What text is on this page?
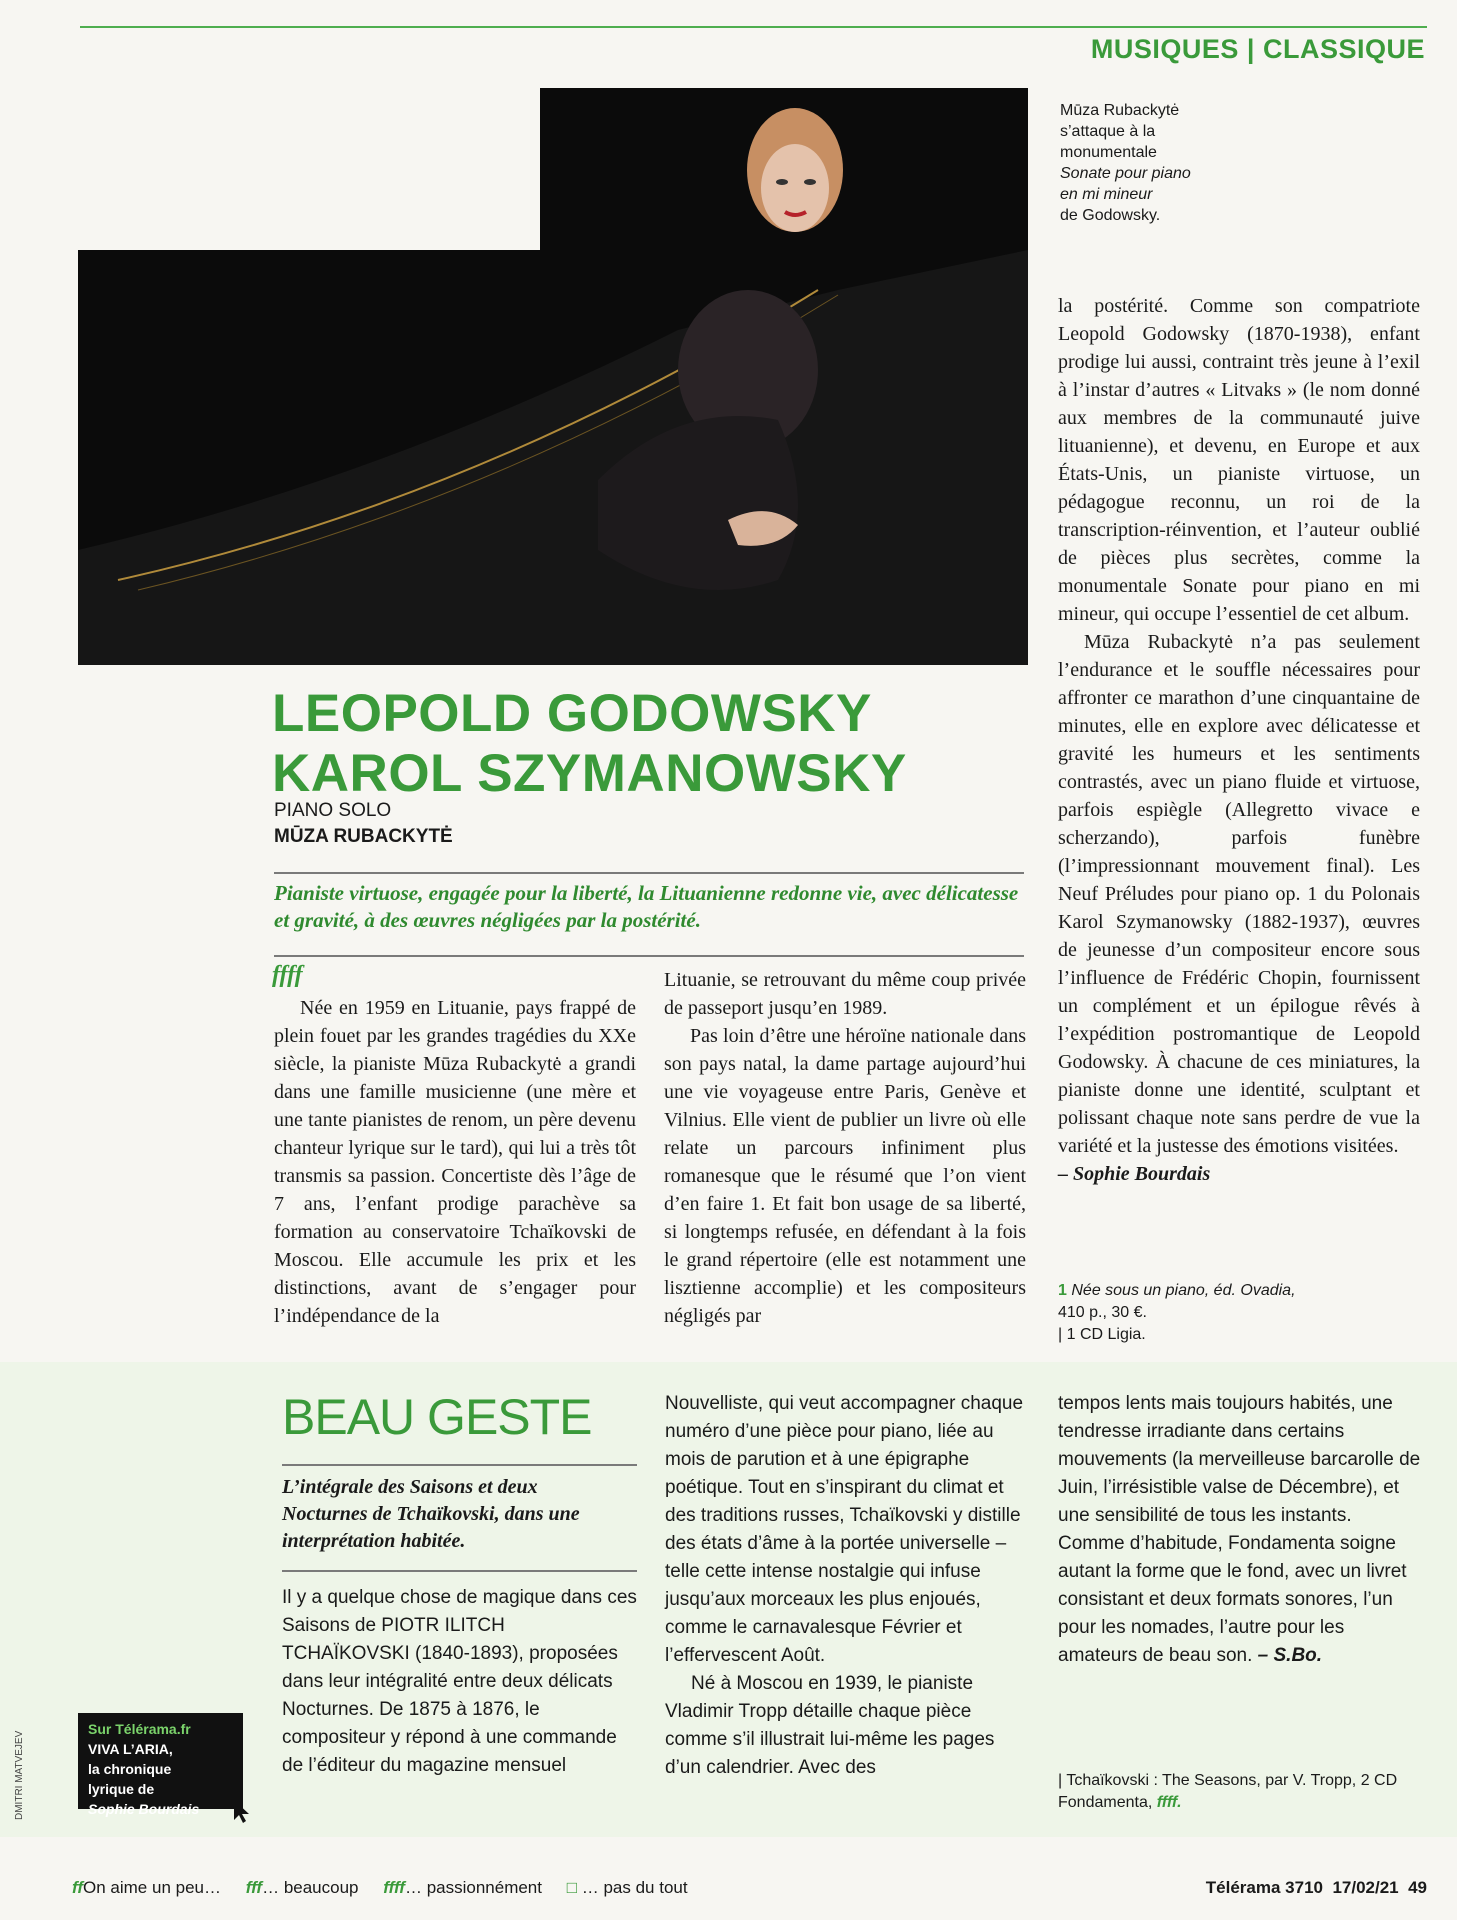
MUSIQUES | CLASSIQUE
Mūza Rubackytė
s’attaque à la
monumentale
Sonate pour piano
en mi mineur
de Godowsky.
LEOPOLD GODOWSKY
KAROL SZYMANOWSKY
PIANO SOLO
MŪZA RUBACKYTĖ
Pianiste virtuose, engagée pour la liberté, la Lituanienne redonne vie, avec délicatesse et gravité, à des œuvres négligées par la postérité.
ffff

Née en 1959 en Lituanie, pays frappé de plein fouet par les grandes tragédies du XXe siècle, la pianiste Mūza Rubackytė a grandi dans une famille musicienne (une mère et une tante pianistes de renom, un père devenu chanteur lyrique sur le tard), qui lui a très tôt transmis sa passion. Concertiste dès l’âge de 7 ans, l’enfant prodige parachève sa formation au conservatoire Tchaïkovski de Moscou. Elle accumule les prix et les distinctions, avant de s’engager pour l’indépendance de la

Lituanie, se retrouvant du même coup privée de passeport jusqu’en 1989.

Pas loin d’être une héroïne nationale dans son pays natal, la dame partage aujourd’hui une vie voyageuse entre Paris, Genève et Vilnius. Elle vient de publier un livre où elle relate un parcours infiniment plus romanesque que le résumé que l’on vient d’en faire 1. Et fait bon usage de sa liberté, si longtemps refusée, en défendant à la fois le grand répertoire (elle est notamment une lisztienne accomplie) et les compositeurs négligés par

la postérité. Comme son compatriote Leopold Godowsky (1870-1938), enfant prodige lui aussi, contraint très jeune à l’exil à l’instar d’autres « Litvaks » (le nom donné aux membres de la communauté juive lituanienne), et devenu, en Europe et aux États-Unis, un pianiste virtuose, un pédagogue reconnu, un roi de la transcription-réinvention, et l’auteur oublié de pièces plus secrètes, comme la monumentale Sonate pour piano en mi mineur, qui occupe l’essentiel de cet album.

Mūza Rubackytė n’a pas seulement l’endurance et le souffle nécessaires pour affronter ce marathon d’une cinquantaine de minutes, elle en explore avec délicatesse et gravité les humeurs et les sentiments contrastés, avec un piano fluide et virtuose, parfois espiègle (Allegretto vivace e scherzando), parfois funèbre (l’impressionnant mouvement final). Les Neuf Préludes pour piano op. 1 du Polonais Karol Szymanowsky (1882-1937), œuvres de jeunesse d’un compositeur encore sous l’influence de Frédéric Chopin, fournissent un complément et un épilogue rêvés à l’expédition postromantique de Leopold Godowsky. À chacune de ces miniatures, la pianiste donne une identité, sculptant et polissant chaque note sans perdre de vue la variété et la justesse des émotions visitées.

– Sophie Bourdais

1 Née sous un piano, éd. Ovadia,
410 p., 30 €.
| 1 CD Ligia.
BEAU GESTE
L’intégrale des Saisons et deux Nocturnes de Tchaïkovski, dans une interprétation habitée.

Il y a quelque chose de magique dans ces Saisons de PIOTR ILITCH TCHAÏKOVSKI (1840-1893), proposées dans leur intégralité entre deux délicats Nocturnes. De 1875 à 1876, le compositeur y répond à une commande de l’éditeur du magazine mensuel

Nouvelliste, qui veut accompagner chaque numéro d’une pièce pour piano, liée au mois de parution et à une épigraphe poétique. Tout en s’inspirant du climat et des traditions russes, Tchaïkovski y distille des états d’âme à la portée universelle – telle cette intense nostalgie qui infuse jusqu’aux morceaux les plus enjoués, comme le carnavalesque Février et l’effervescent Août.

Né à Moscou en 1939, le pianiste Vladimir Tropp détaille chaque pièce comme s’il illustrait lui-même les pages d’un calendrier. Avec des

tempos lents mais toujours habités, une tendresse irradiante dans certains mouvements (la merveilleuse barcarolle de Juin, l’irrésistible valse de Décembre), et une sensibilité de tous les instants. Comme d’habitude, Fondamenta soigne autant la forme que le fond, avec un livret consistant et deux formats sonores, l’un pour les nomades, l’autre pour les amateurs de beau son. – S.Bo.

| Tchaïkovski : The Seasons, par V. Tropp, 2 CD Fondamenta, ffff.
Sur Télérama.fr
VIVA L’ARIA,
la chronique
lyrique de
Sophie Bourdais
DMITRI MATVEJEV
ffOn aime un peu… fff… beaucoup ffff… passionnément □ … pas du tout	Télérama 3710 17/02/21 49
